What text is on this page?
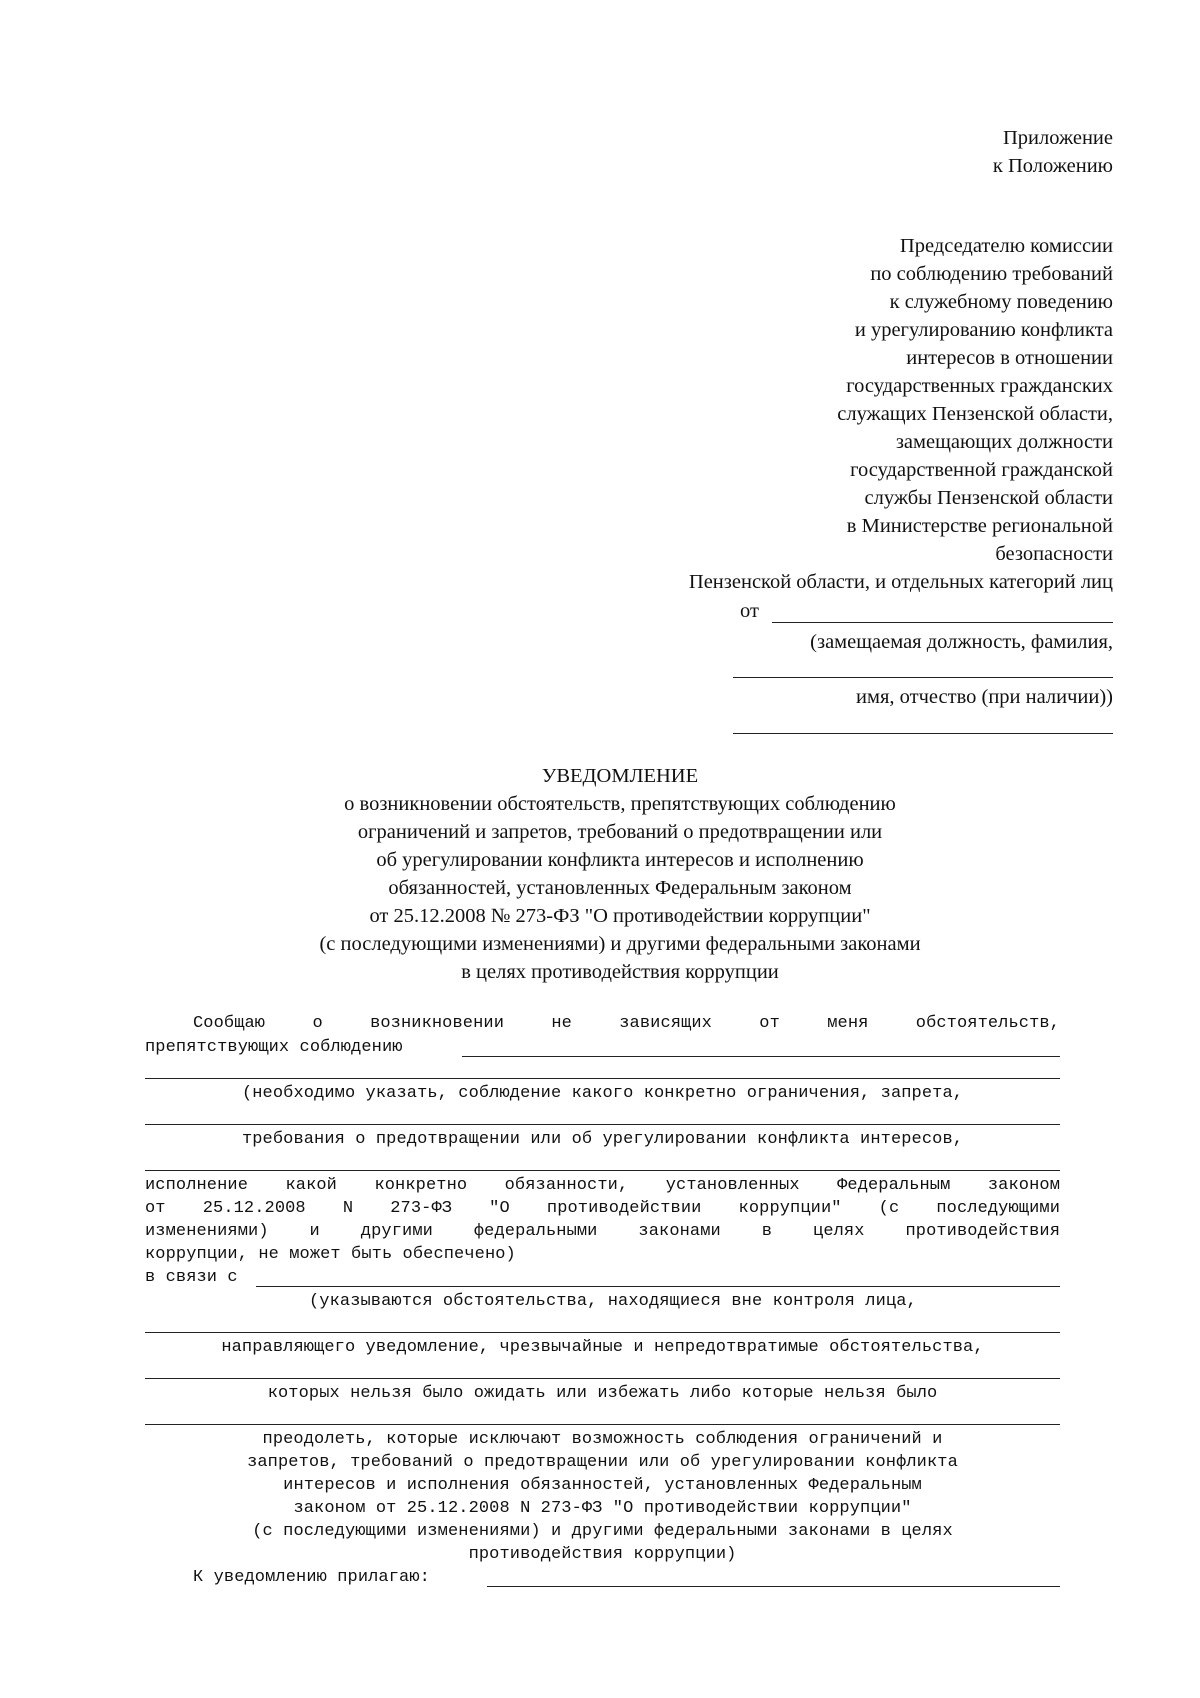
Приложение
к Положению
Председателю комиссии
по соблюдению требований
к служебному поведению
и урегулированию конфликта
интересов в отношении
государственных гражданских
служащих Пензенской области,
замещающих должности
государственной гражданской
службы Пензенской области
в Министерстве региональной
безопасности
Пензенской области, и отдельных категорий лиц
от
(замещаемая должность, фамилия,
имя, отчество (при наличии))
УВЕДОМЛЕНИЕ
о возникновении обстоятельств, препятствующих соблюдению
ограничений и запретов, требований о предотвращении или
об урегулировании конфликта интересов и исполнению
обязанностей, установленных Федеральным законом
от 25.12.2008 № 273-ФЗ "О противодействии коррупции"
(с последующими изменениями) и другими федеральными законами
в целях противодействия коррупции
Сообщаю о возникновении не зависящих от меня обстоятельств,
препятствующих соблюдению
(необходимо указать, соблюдение какого конкретно ограничения, запрета,
требования о предотвращении или об урегулировании конфликта интересов,
исполнение какой конкретно обязанности, установленных Федеральным законом
от 25.12.2008 N 273-ФЗ "О противодействии коррупции" (с последующими
изменениями) и другими федеральными законами в целях противодействия
коррупции, не может быть обеспечено)
в связи с
(указываются обстоятельства, находящиеся вне контроля лица,
направляющего уведомление, чрезвычайные и непредотвратимые обстоятельства,
которых нельзя было ожидать или избежать либо которые нельзя было
преодолеть, которые исключают возможность соблюдения ограничений и
запретов, требований о предотвращении или об урегулировании конфликта
интересов и исполнения обязанностей, установленных Федеральным
законом от 25.12.2008 N 273-ФЗ "О противодействии коррупции"
(с последующими изменениями) и другими федеральными законами в целях
противодействия коррупции)
К уведомлению прилагаю:
